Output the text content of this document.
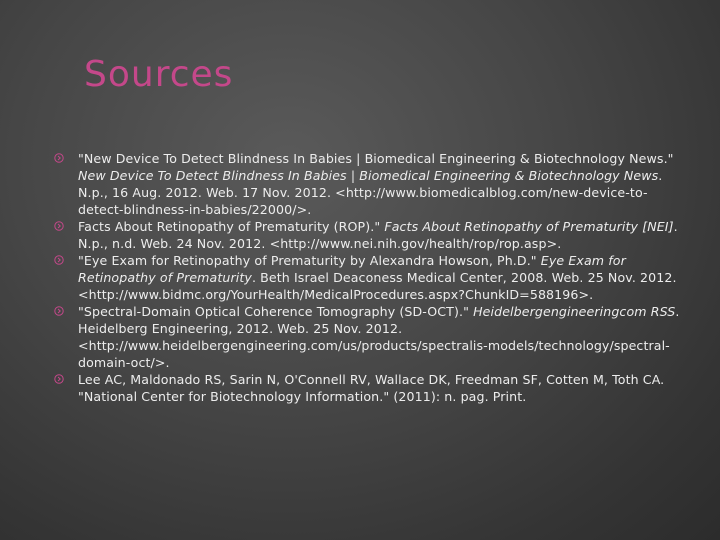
Sources
"New Device To Detect Blindness In Babies | Biomedical Engineering & Biotechnology News." New Device To Detect Blindness In Babies | Biomedical Engineering & Biotechnology News. N.p., 16 Aug. 2012. Web. 17 Nov. 2012. <http://www.biomedicalblog.com/new-device-to-detect-blindness-in-babies/22000/>.
Facts About Retinopathy of Prematurity (ROP)." Facts About Retinopathy of Prematurity [NEI]. N.p., n.d. Web. 24 Nov. 2012. <http://www.nei.nih.gov/health/rop/rop.asp>.
"Eye Exam for Retinopathy of Prematurity by Alexandra Howson, Ph.D." Eye Exam for Retinopathy of Prematurity. Beth Israel Deaconess Medical Center, 2008. Web. 25 Nov. 2012. <http://www.bidmc.org/YourHealth/MedicalProcedures.aspx?ChunkID=588196>.
"Spectral-Domain Optical Coherence Tomography (SD-OCT)." Heidelbergengineeringcom RSS. Heidelberg Engineering, 2012. Web. 25 Nov. 2012. <http://www.heidelbergengineering.com/us/products/spectralis-models/technology/spectral-domain-oct/>.
Lee AC, Maldonado RS, Sarin N, O'Connell RV, Wallace DK, Freedman SF, Cotten M, Toth CA. "National Center for Biotechnology Information." (2011): n. pag. Print.
